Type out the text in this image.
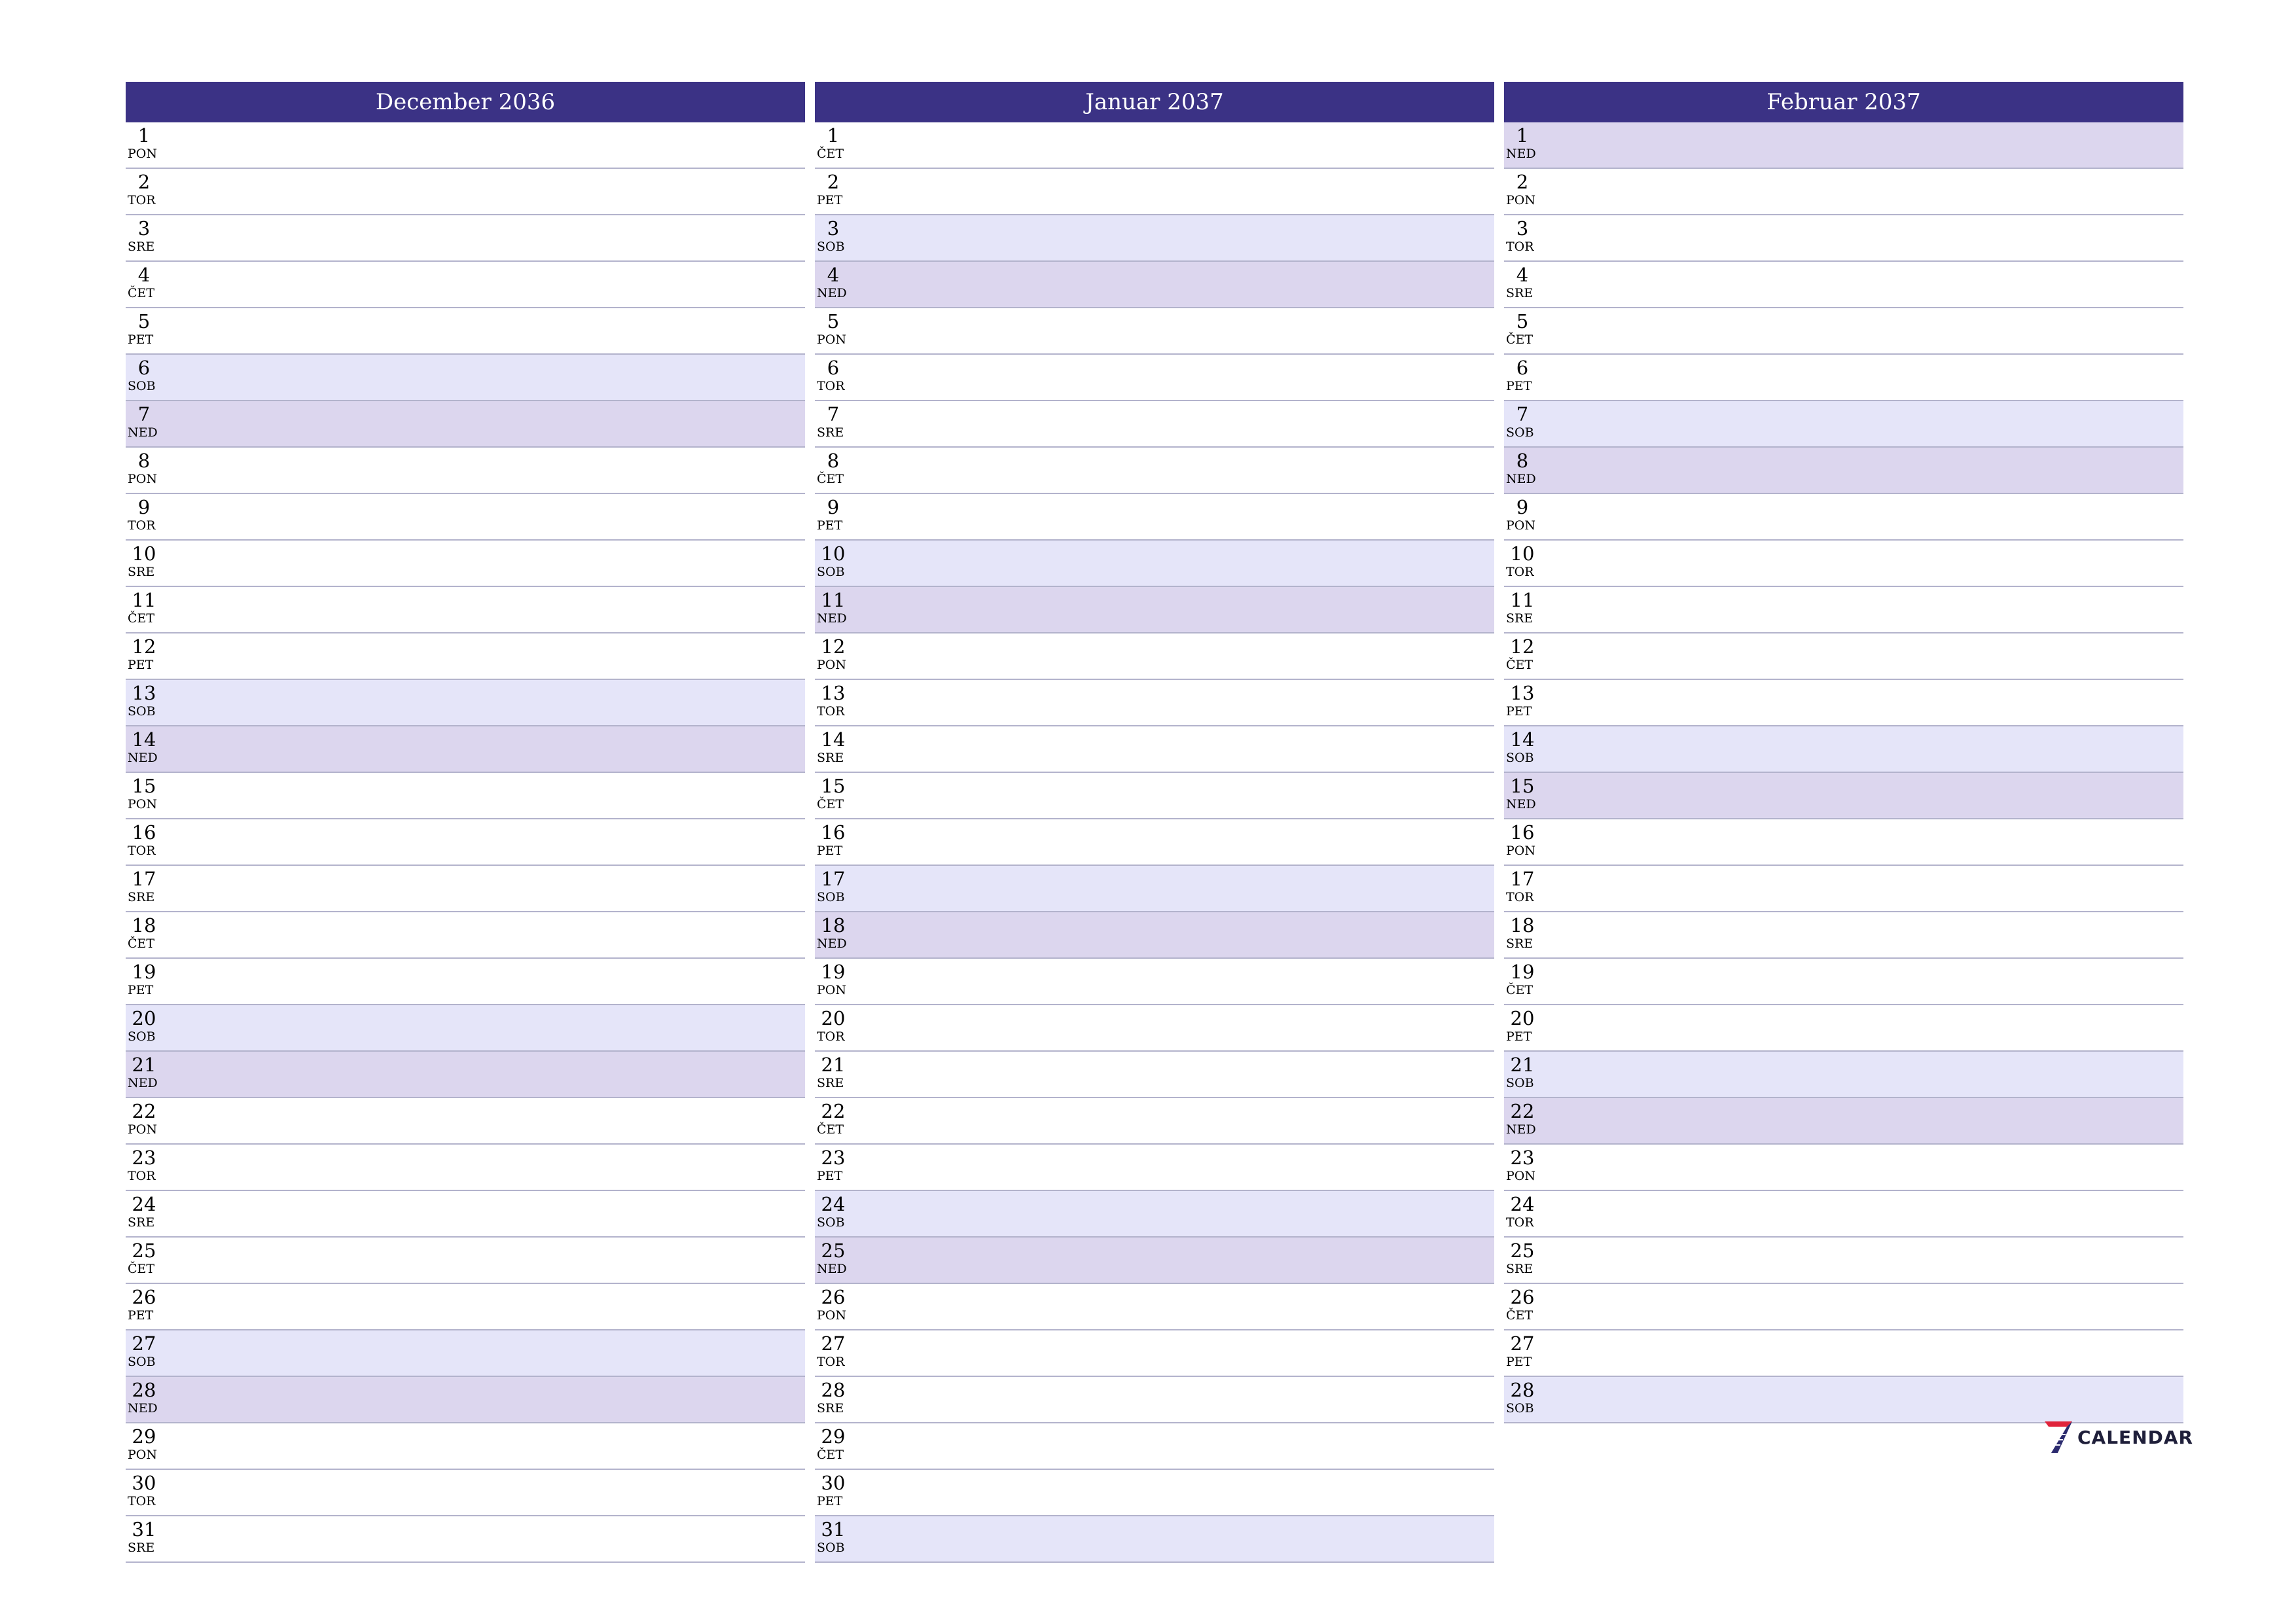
December 2036
1
PON
2
TOR
3
SRE
4
ČET
5
PET
6
SOB
7
NED
8
PON
9
TOR
10
SRE
11
ČET
12
PET
13
SOB
14
NED
15
PON
16
TOR
17
SRE
18
ČET
19
PET
20
SOB
21
NED
22
PON
23
TOR
24
SRE
25
ČET
26
PET
27
SOB
28
NED
29
PON
30
TOR
31
SRE
Januar 2037
1
ČET
2
PET
3
SOB
4
NED
5
PON
6
TOR
7
SRE
8
ČET
9
PET
10
SOB
11
NED
12
PON
13
TOR
14
SRE
15
ČET
16
PET
17
SOB
18
NED
19
PON
20
TOR
21
SRE
22
ČET
23
PET
24
SOB
25
NED
26
PON
27
TOR
28
SRE
29
ČET
30
PET
31
SOB
Februar 2037
1
NED
2
PON
3
TOR
4
SRE
5
ČET
6
PET
7
SOB
8
NED
9
PON
10
TOR
11
SRE
12
ČET
13
PET
14
SOB
15
NED
16
PON
17
TOR
18
SRE
19
ČET
20
PET
21
SOB
22
NED
23
PON
24
TOR
25
SRE
26
ČET
27
PET
28
SOB
CALENDAR
